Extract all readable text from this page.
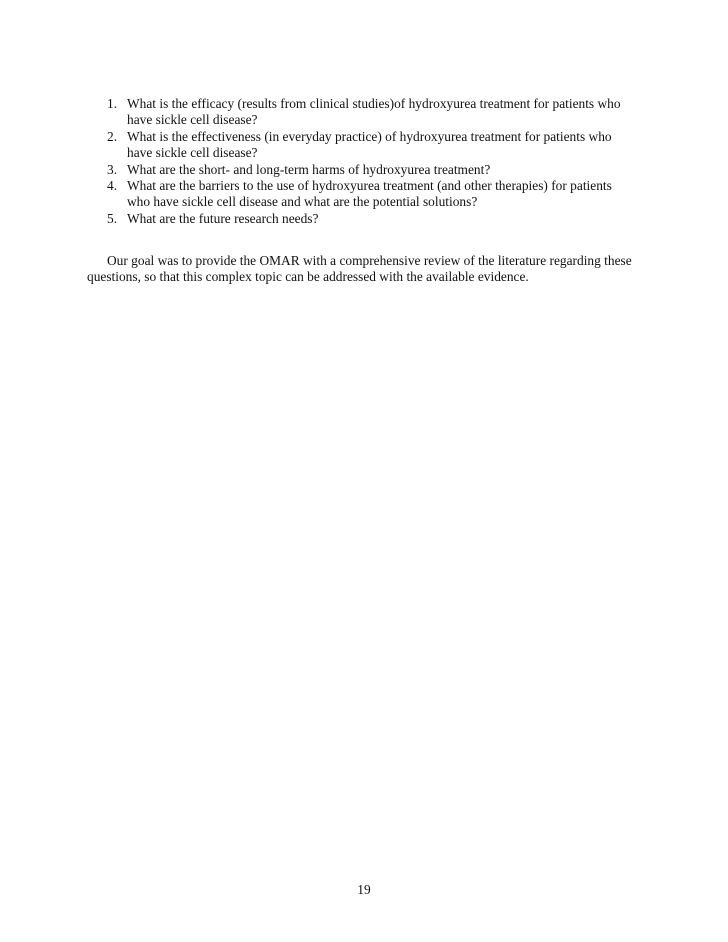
1. What is the efficacy (results from clinical studies)of hydroxyurea treatment for patients who have sickle cell disease?
2. What is the effectiveness (in everyday practice) of hydroxyurea treatment for patients who have sickle cell disease?
3. What are the short- and long-term harms of hydroxyurea treatment?
4. What are the barriers to the use of hydroxyurea treatment (and other therapies) for patients who have sickle cell disease and what are the potential solutions?
5. What are the future research needs?

Our goal was to provide the OMAR with a comprehensive review of the literature regarding these questions, so that this complex topic can be addressed with the available evidence.

19
